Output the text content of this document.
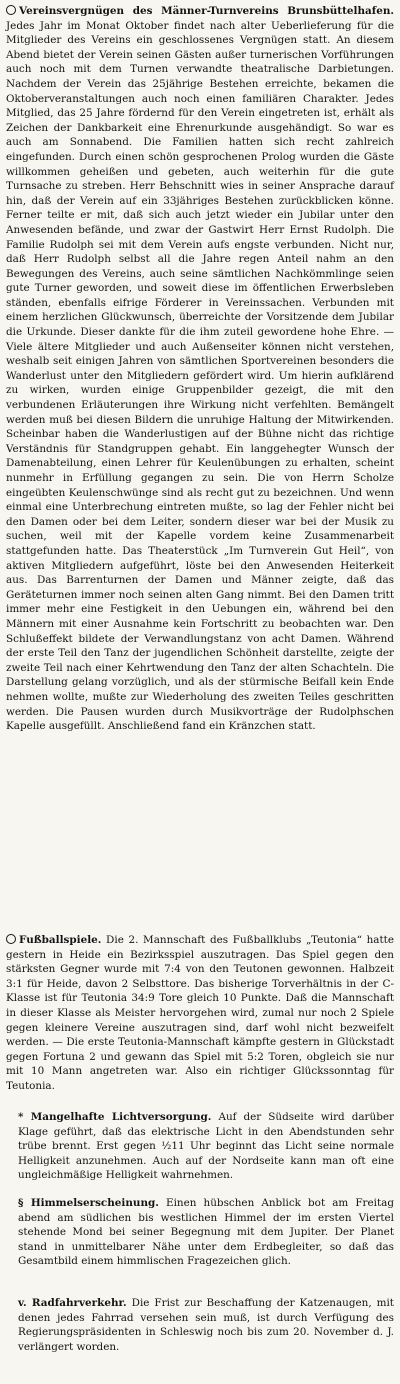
Vereinsvergnügen des Männer-Turnvereins Brunsbüttelhafen. Jedes Jahr im Monat Oktober findet nach alter Ueberlieferung für die Mitglieder des Vereins ein geschlossenes Vergnügen statt. An diesem Abend bietet der Verein seinen Gästen außer turnerischen Vorführungen auch noch mit dem Turnen verwandte theatralische Darbietungen. Nachdem der Verein das 25jährige Bestehen erreichte, bekamen die Oktoberveranstaltungen auch noch einen familiären Charakter. Jedes Mitglied, das 25 Jahre fördernd für den Verein eingetreten ist, erhält als Zeichen der Dankbarkeit eine Ehrenurkunde ausgehändigt. So war es auch am Sonnabend. Die Familien hatten sich recht zahlreich eingefunden. Durch einen schön gesprochenen Prolog wurden die Gäste willkommen geheißen und gebeten, auch weiterhin für die gute Turnsache zu streben. Herr Behschnitt wies in seiner Ansprache darauf hin, daß der Verein auf ein 33jähriges Bestehen zurückblicken könne. Ferner teilte er mit, daß sich auch jetzt wieder ein Jubilar unter den Anwesenden befände, und zwar der Gastwirt Herr Ernst Rudolph. Die Familie Rudolph sei mit dem Verein aufs engste verbunden. Nicht nur, daß Herr Rudolph selbst all die Jahre regen Anteil nahm an den Bewegungen des Vereins, auch seine sämtlichen Nachkömmlinge seien gute Turner geworden, und soweit diese im öffentlichen Erwerbsleben ständen, ebenfalls eifrige Förderer in Vereinssachen. Verbunden mit einem herzlichen Glückwunsch, überreichte der Vorsitzende dem Jubilar die Urkunde. Dieser dankte für die ihm zuteil gewordene hohe Ehre. — Viele ältere Mitglieder und auch Außenseiter können nicht verstehen, weshalb seit einigen Jahren von sämtlichen Sportvereinen besonders die Wanderlust unter den Mitgliedern gefördert wird. Um hierin aufklärend zu wirken, wurden einige Gruppenbilder gezeigt, die mit den verbundenen Erläuterungen ihre Wirkung nicht verfehlten. Bemängelt werden muß bei diesen Bildern die unruhige Haltung der Mitwirkenden. Scheinbar haben die Wanderlustigen auf der Bühne nicht das richtige Verständnis für Standgruppen gehabt. Ein langgehegter Wunsch der Damenabteilung, einen Lehrer für Keulenübungen zu erhalten, scheint nunmehr in Erfüllung gegangen zu sein. Die von Herrn Scholze eingeübten Keulenschwünge sind als recht gut zu bezeichnen. Und wenn einmal eine Unterbrechung eintreten mußte, so lag der Fehler nicht bei den Damen oder bei dem Leiter, sondern dieser war bei der Musik zu suchen, weil mit der Kapelle vordem keine Zusammenarbeit stattgefunden hatte. Das Theaterstück „Im Turnverein Gut Heil“, von aktiven Mitgliedern aufgeführt, löste bei den Anwesenden Heiterkeit aus. Das Barrenturnen der Damen und Männer zeigte, daß das Geräteturnen immer noch seinen alten Gang nimmt. Bei den Damen tritt immer mehr eine Festigkeit in den Uebungen ein, während bei den Männern mit einer Ausnahme kein Fortschritt zu beobachten war. Den Schlußeffekt bildete der Verwandlungstanz von acht Damen. Während der erste Teil den Tanz der jugendlichen Schönheit darstellte, zeigte der zweite Teil nach einer Kehrtwendung den Tanz der alten Schachteln. Die Darstellung gelang vorzüglich, und als der stürmische Beifall kein Ende nehmen wollte, mußte zur Wiederholung des zweiten Teiles geschritten werden. Die Pausen wurden durch Musikvorträge der Rudolphschen Kapelle ausgefüllt. Anschließend fand ein Kränzchen statt.

Fußballspiele. Die 2. Mannschaft des Fußballklubs „Teutonia“ hatte gestern in Heide ein Bezirksspiel auszutragen. Das Spiel gegen den stärksten Gegner wurde mit 7:4 von den Teutonen gewonnen. Halbzeit 3:1 für Heide, davon 2 Selbsttore. Das bisherige Torverhältnis in der C-Klasse ist für Teutonia 34:9 Tore gleich 10 Punkte. Daß die Mannschaft in dieser Klasse als Meister hervorgehen wird, zumal nur noch 2 Spiele gegen kleinere Vereine auszutragen sind, darf wohl nicht bezweifelt werden. — Die erste Teutonia-Mannschaft kämpfte gestern in Glückstadt gegen Fortuna 2 und gewann das Spiel mit 5:2 Toren, obgleich sie nur mit 10 Mann angetreten war. Also ein richtiger Glückssonntag für Teutonia.

* Mangelhafte Lichtversorgung. Auf der Südseite wird darüber Klage geführt, daß das elektrische Licht in den Abendstunden sehr trübe brennt. Erst gegen ½11 Uhr beginnt das Licht seine normale Helligkeit anzunehmen. Auch auf der Nordseite kann man oft eine ungleichmäßige Helligkeit wahrnehmen.

§ Himmelserscheinung. Einen hübschen Anblick bot am Freitag abend am südlichen bis westlichen Himmel der im ersten Viertel stehende Mond bei seiner Begegnung mit dem Jupiter. Der Planet stand in unmittelbarer Nähe unter dem Erdbegleiter, so daß das Gesamtbild einem himmlischen Fragezeichen glich.

v. Radfahrverkehr. Die Frist zur Beschaffung der Katzenaugen, mit denen jedes Fahrrad versehen sein muß, ist durch Verfügung des Regierungspräsidenten in Schleswig noch bis zum 20. November d. J. verlängert worden.
